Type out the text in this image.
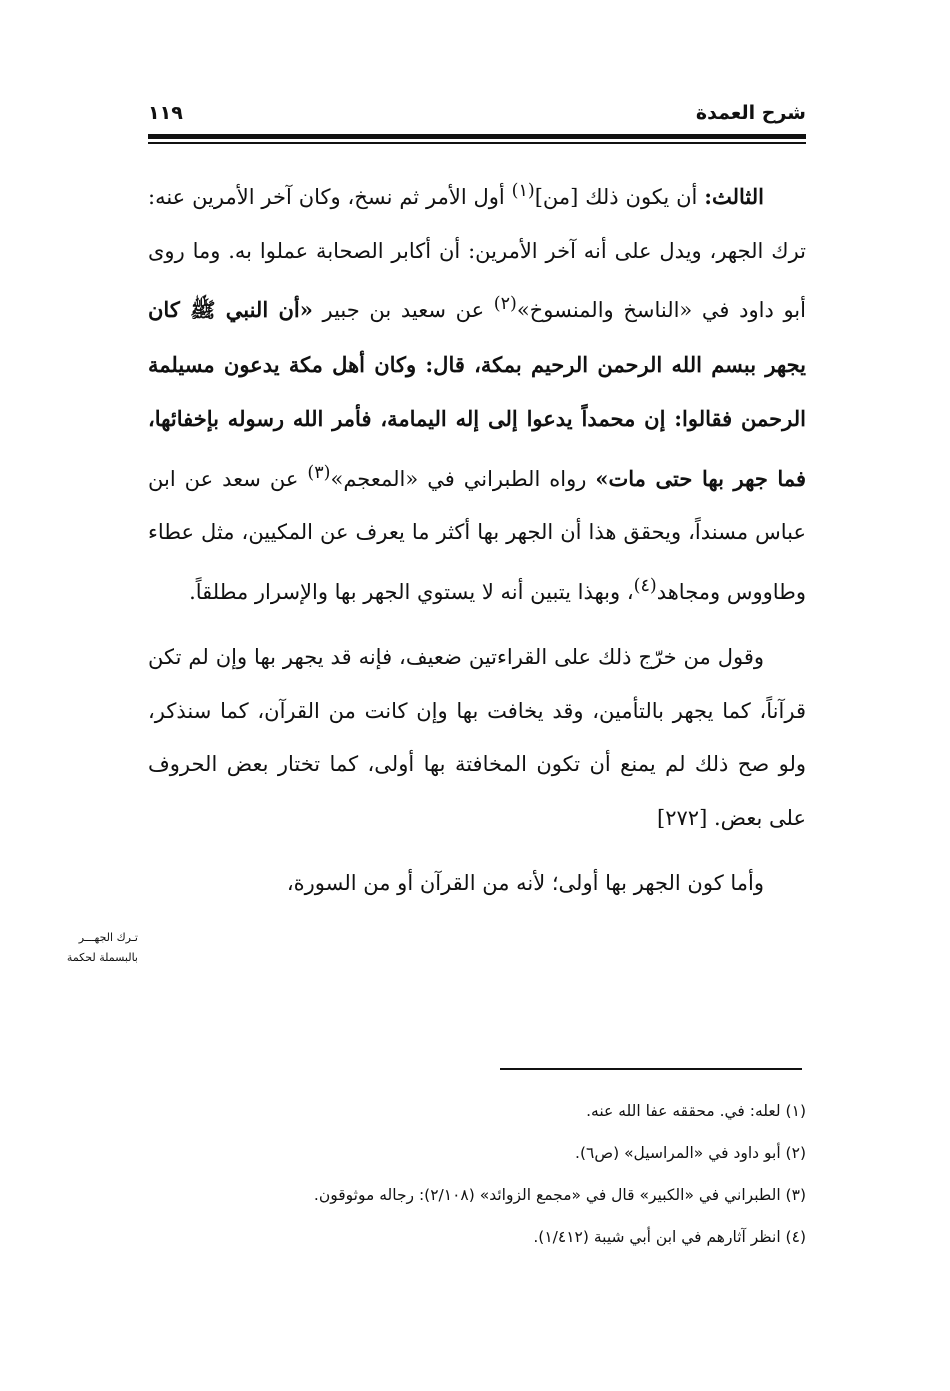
شرح العمدة
١١٩

الثالث: أن يكون ذلك [من]$^{(١)}$ أول الأمر ثم نسخ، وكان آخر الأمرين عنه: ترك الجهر، ويدل على أنه آخر الأمرين: أن أكابر الصحابة عملوا به. وما روى أبو داود في «الناسخ والمنسوخ»$^{(٢)}$ عن سعيد بن جبير «أن النبي ﷺ كان يجهر ببسم الله الرحمن الرحيم بمكة، قال: وكان أهل مكة يدعون مسيلمة الرحمن فقالوا: إن محمداً يدعوا إلى إله اليمامة، فأمر الله رسوله بإخفائها، فما جهر بها حتى مات» رواه الطبراني في «المعجم»$^{(٣)}$ عن سعد عن ابن عباس مسنداً، ويحقق هذا أن الجهر بها أكثر ما يعرف عن المكيين، مثل عطاء وطاووس ومجاهد$^{(٤)}$، وبهذا يتبين أنه لا يستوي الجهر بها والإسرار مطلقاً.

وقول من خرّج ذلك على القراءتين ضعيف، فإنه قد يجهر بها وإن لم تكن قرآناً، كما يجهر بالتأمين، وقد يخافت بها وإن كانت من القرآن، كما سنذكر، ولو صح ذلك لم يمنع أن تكون المخافتة بها أولى، كما تختار بعض الحروف على بعض. [٢٧٢]

وأما كون الجهر بها أولى؛ لأنه من القرآن أو من السورة،

تـرك الجهـــر
بالبسملة لحكمة
(١) لعله: في. محققه عفا الله عنه.
(٢) أبو داود في «المراسيل» (ص٦).
(٣) الطبراني في «الكبير» قال في «مجمع الزوائد» (٢/١٠٨): رجاله موثوقون.
(٤) انظر آثارهم في ابن أبي شيبة (١/٤١٢).
